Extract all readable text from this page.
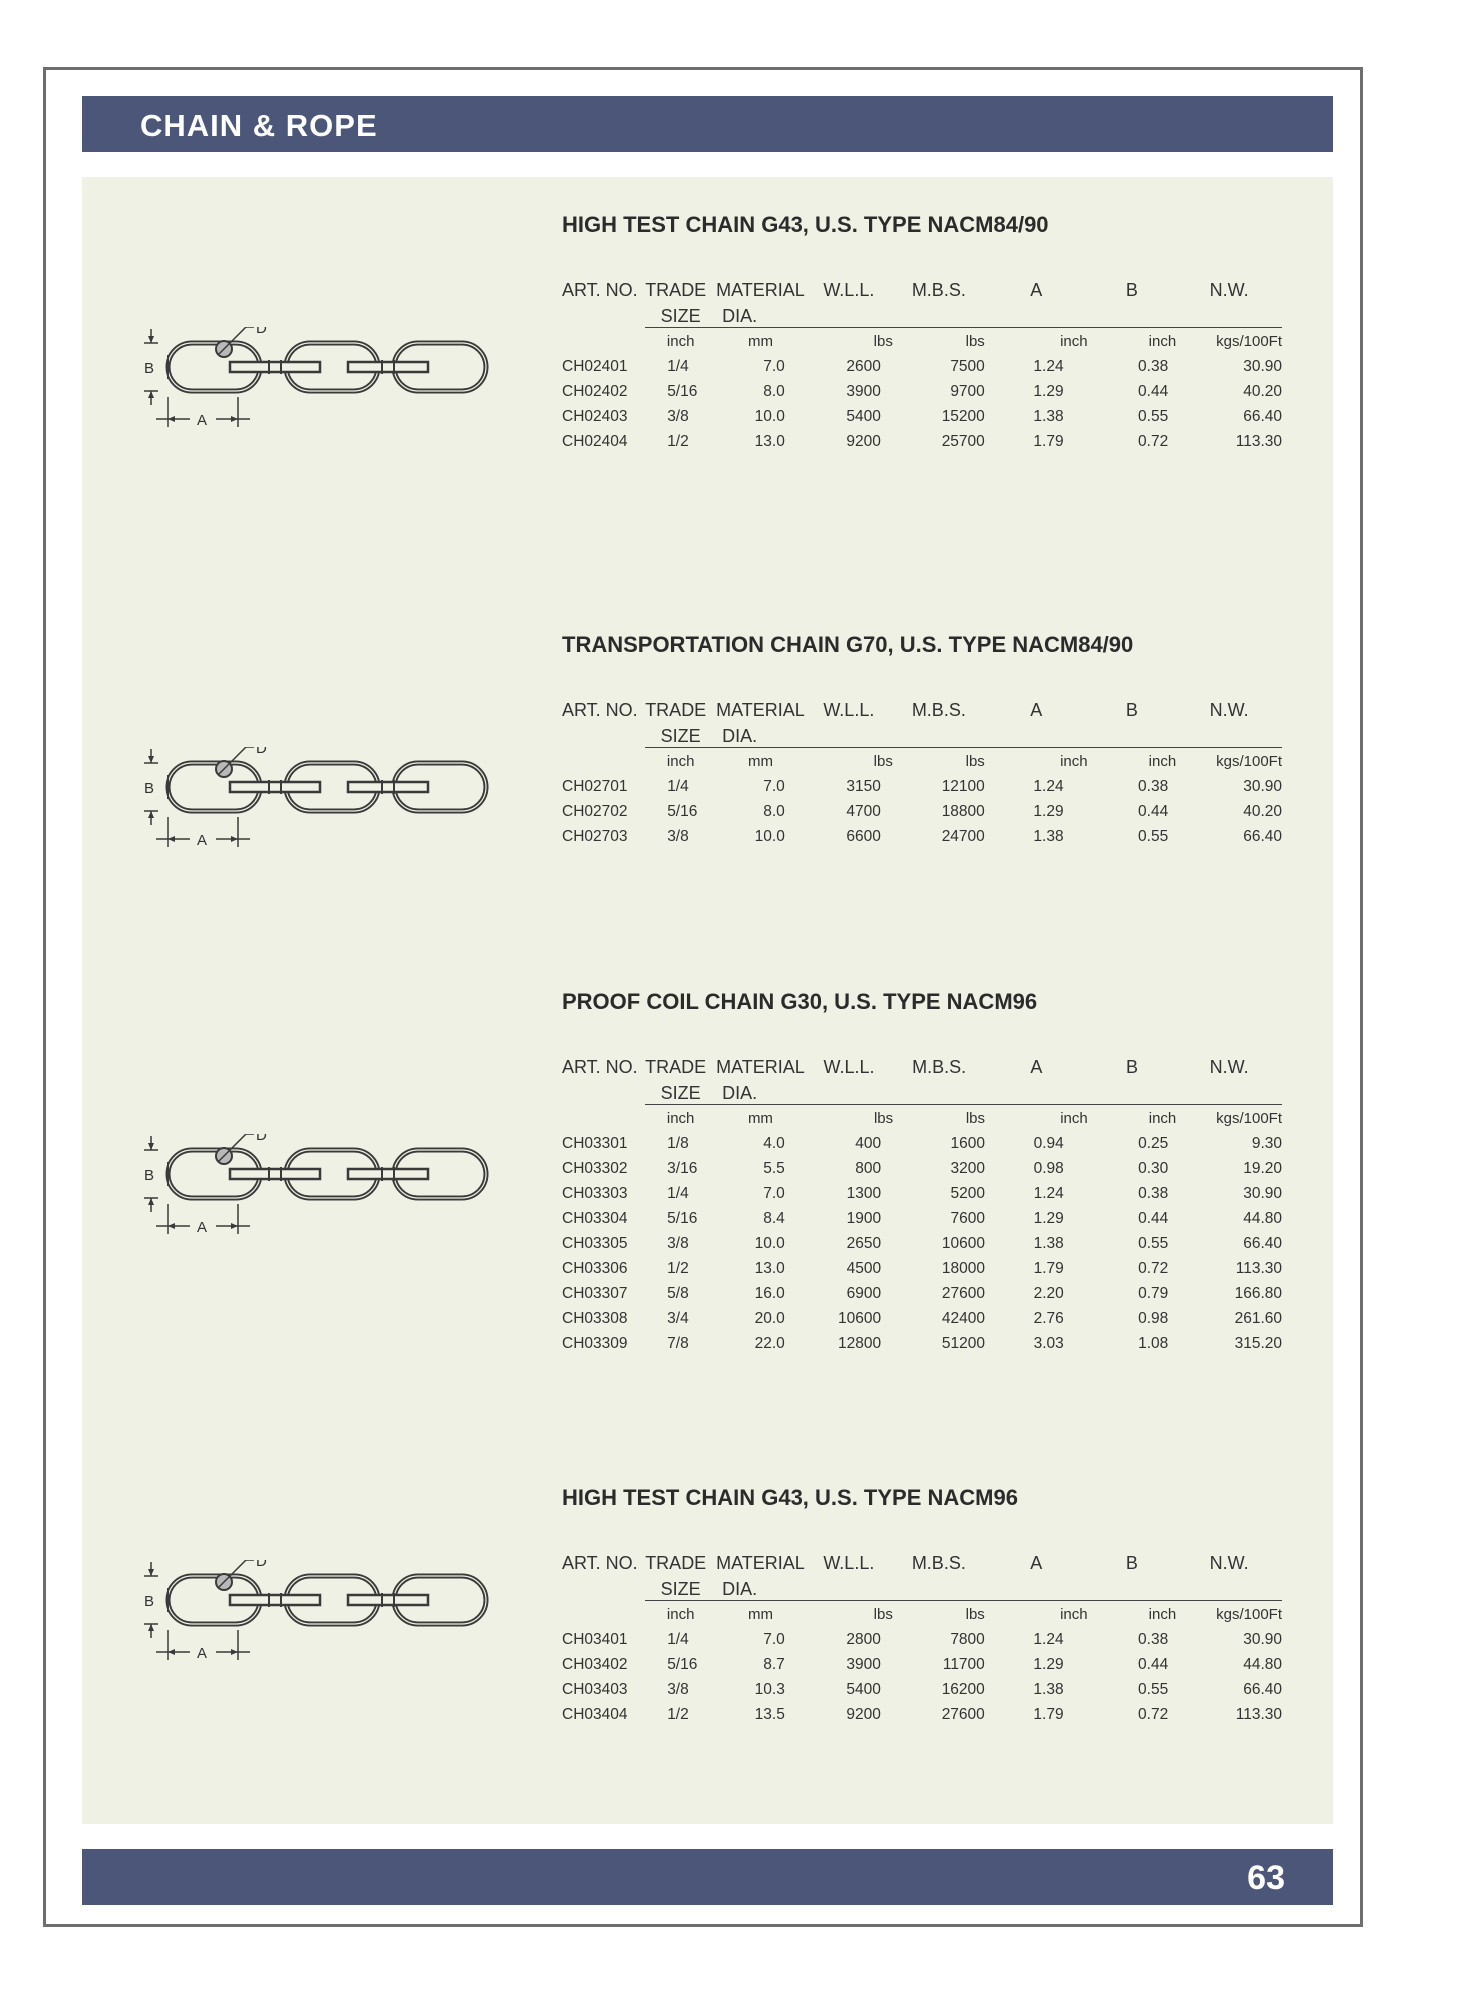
CHAIN & ROPE
D
B
A
HIGH TEST CHAIN G43, U.S. TYPE NACM84/90
ART. NO.	TRADE	MATERIAL	W.L.L.	M.B.S.	A	B	N.W.
	SIZE	DIA.					
	inch	mm	lbs	lbs	inch	inch	kgs/100Ft
CH02401	1/4	7.0	2600	7500	1.24	0.38	30.90
CH02402	5/16	8.0	3900	9700	1.29	0.44	40.20
CH02403	3/8	10.0	5400	15200	1.38	0.55	66.40
CH02404	1/2	13.0	9200	25700	1.79	0.72	113.30
D
B
A
TRANSPORTATION CHAIN G70, U.S. TYPE NACM84/90
ART. NO.	TRADE	MATERIAL	W.L.L.	M.B.S.	A	B	N.W.
	SIZE	DIA.					
	inch	mm	lbs	lbs	inch	inch	kgs/100Ft
CH02701	1/4	7.0	3150	12100	1.24	0.38	30.90
CH02702	5/16	8.0	4700	18800	1.29	0.44	40.20
CH02703	3/8	10.0	6600	24700	1.38	0.55	66.40
D
B
A
PROOF COIL CHAIN G30, U.S. TYPE NACM96
ART. NO.	TRADE	MATERIAL	W.L.L.	M.B.S.	A	B	N.W.
	SIZE	DIA.					
	inch	mm	lbs	lbs	inch	inch	kgs/100Ft
CH03301	1/8	4.0	400	1600	0.94	0.25	9.30
CH03302	3/16	5.5	800	3200	0.98	0.30	19.20
CH03303	1/4	7.0	1300	5200	1.24	0.38	30.90
CH03304	5/16	8.4	1900	7600	1.29	0.44	44.80
CH03305	3/8	10.0	2650	10600	1.38	0.55	66.40
CH03306	1/2	13.0	4500	18000	1.79	0.72	113.30
CH03307	5/8	16.0	6900	27600	2.20	0.79	166.80
CH03308	3/4	20.0	10600	42400	2.76	0.98	261.60
CH03309	7/8	22.0	12800	51200	3.03	1.08	315.20
D
B
A
HIGH TEST CHAIN G43, U.S. TYPE NACM96
ART. NO.	TRADE	MATERIAL	W.L.L.	M.B.S.	A	B	N.W.
	SIZE	DIA.					
	inch	mm	lbs	lbs	inch	inch	kgs/100Ft
CH03401	1/4	7.0	2800	7800	1.24	0.38	30.90
CH03402	5/16	8.7	3900	11700	1.29	0.44	44.80
CH03403	3/8	10.3	5400	16200	1.38	0.55	66.40
CH03404	1/2	13.5	9200	27600	1.79	0.72	113.30
63
